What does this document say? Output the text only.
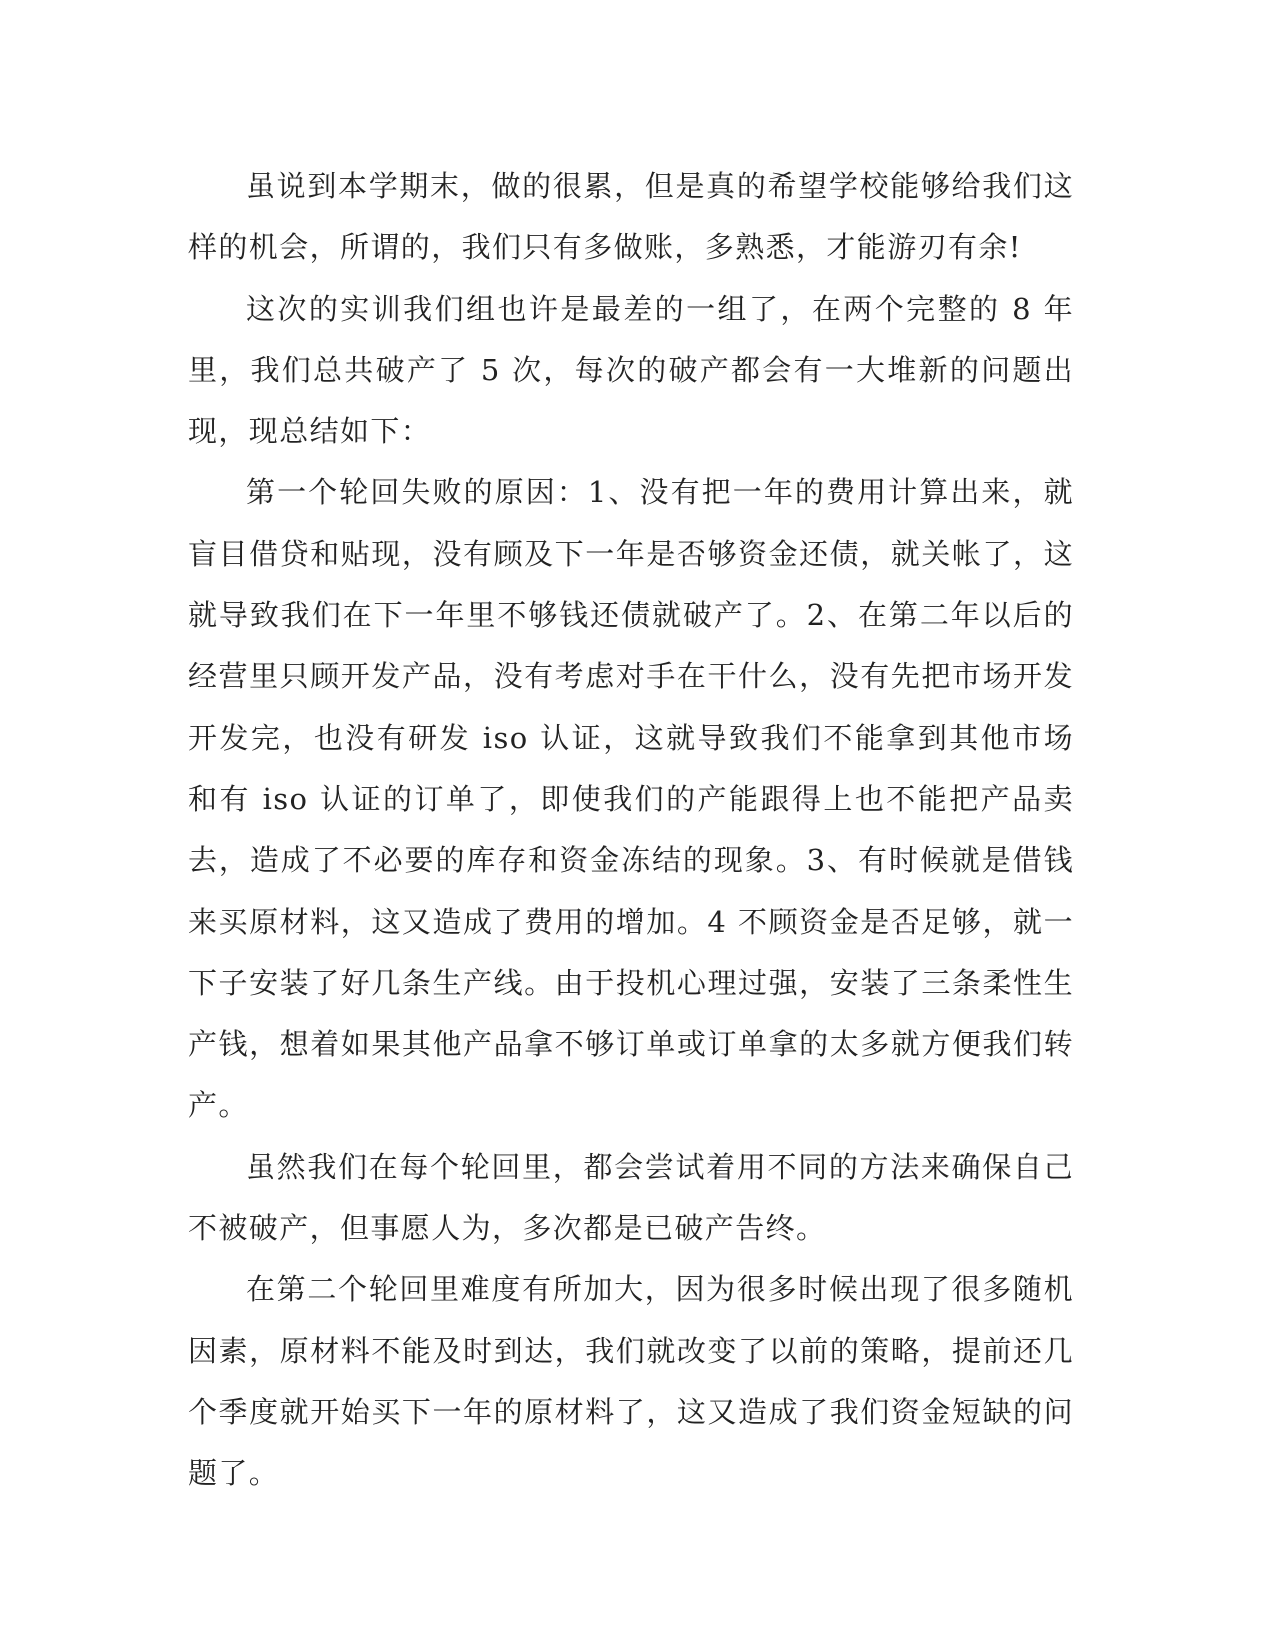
虽说到本学期末，做的很累，但是真的希望学校能够给我们这样的机会，所谓的，我们只有多做账，多熟悉，才能游刃有余!

这次的实训我们组也许是最差的一组了，在两个完整的 8 年里，我们总共破产了 5 次，每次的破产都会有一大堆新的问题出现，现总结如下：

第一个轮回失败的原因：1、没有把一年的费用计算出来，就盲目借贷和贴现，没有顾及下一年是否够资金还债，就关帐了，这就导致我们在下一年里不够钱还债就破产了。2、在第二年以后的经营里只顾开发产品，没有考虑对手在干什么，没有先把市场开发开发完，也没有研发 iso 认证，这就导致我们不能拿到其他市场和有 iso 认证的订单了，即使我们的产能跟得上也不能把产品卖去，造成了不必要的库存和资金冻结的现象。3、有时候就是借钱来买原材料，这又造成了费用的增加。4 不顾资金是否足够，就一下子安装了好几条生产线。由于投机心理过强，安装了三条柔性生产钱，想着如果其他产品拿不够订单或订单拿的太多就方便我们转产。

虽然我们在每个轮回里，都会尝试着用不同的方法来确保自己不被破产，但事愿人为，多次都是已破产告终。

在第二个轮回里难度有所加大，因为很多时候出现了很多随机因素，原材料不能及时到达，我们就改变了以前的策略，提前还几个季度就开始买下一年的原材料了，这又造成了我们资金短缺的问题了。
